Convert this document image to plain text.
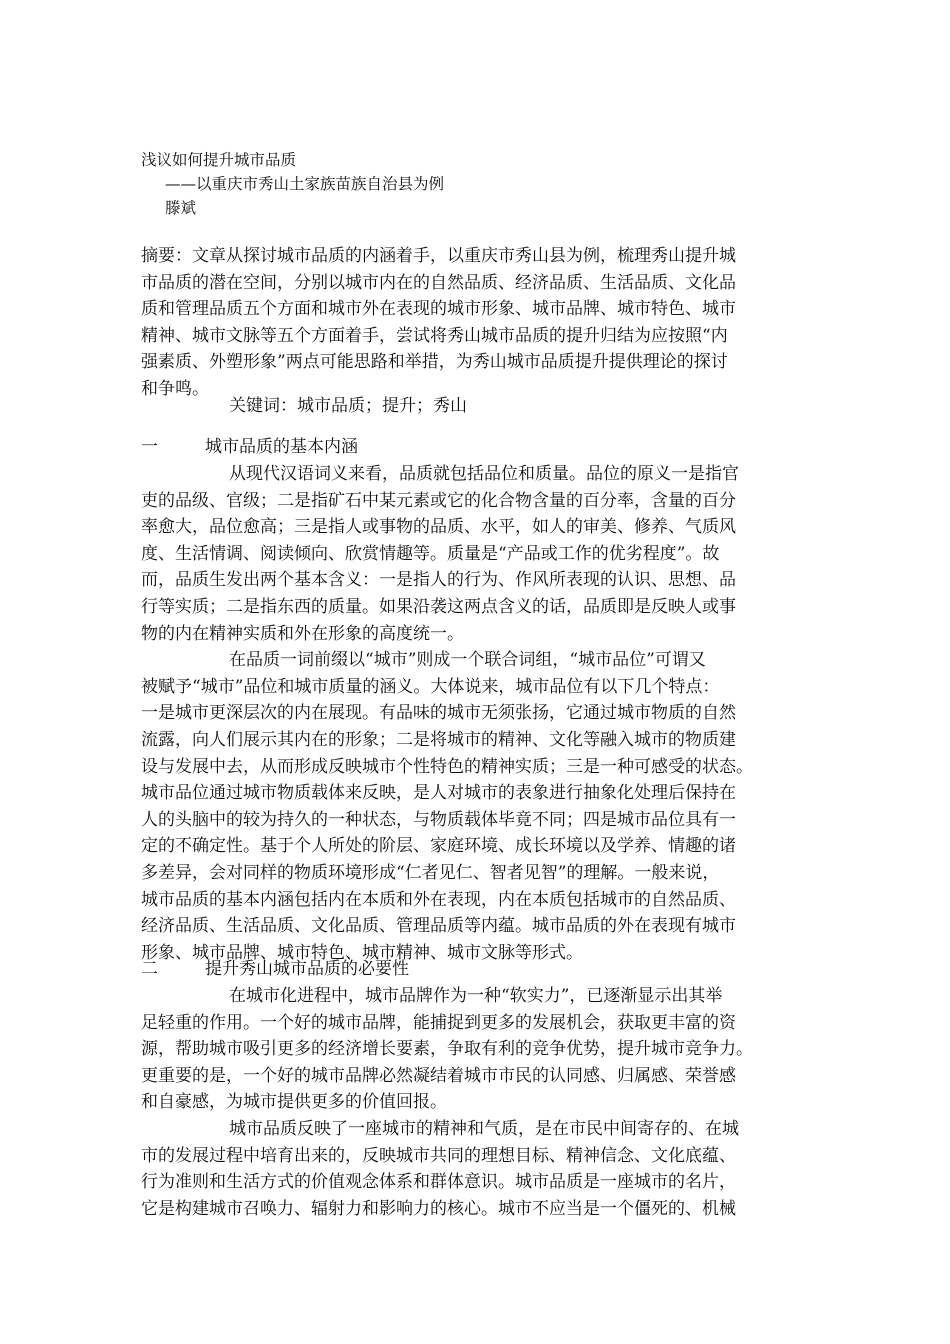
浅议如何提升城市品质
——以重庆市秀山土家族苗族自治县为例
滕斌
摘要：文章从探讨城市品质的内涵着手，以重庆市秀山县为例，梳理秀山提升城
市品质的潜在空间，分别以城市内在的自然品质、经济品质、生活品质、文化品
质和管理品质五个方面和城市外在表现的城市形象、城市品牌、城市特色、城市
精神、城市文脉等五个方面着手，尝试将秀山城市品质的提升归结为应按照“内
强素质、外塑形象”两点可能思路和举措，为秀山城市品质提升提供理论的探讨
和争鸣。
关键词：城市品质；提升；秀山
一	城市品质的基本内涵
从现代汉语词义来看，品质就包括品位和质量。品位的原义一是指官
吏的品级、官级；二是指矿石中某元素或它的化合物含量的百分率，含量的百分
率愈大，品位愈高；三是指人或事物的品质、水平，如人的审美、修养、气质风
度、生活情调、阅读倾向、欣赏情趣等。质量是“产品或工作的优劣程度”。故
而，品质生发出两个基本含义：一是指人的行为、作风所表现的认识、思想、品
行等实质；二是指东西的质量。如果沿袭这两点含义的话，品质即是反映人或事
物的内在精神实质和外在形象的高度统一。
在品质一词前缀以“城市”则成一个联合词组，“城市品位”可谓又
被赋予“城市”品位和城市质量的涵义。大体说来，城市品位有以下几个特点：
一是城市更深层次的内在展现。有品味的城市无须张扬，它通过城市物质的自然
流露，向人们展示其内在的形象；二是将城市的精神、文化等融入城市的物质建
设与发展中去，从而形成反映城市个性特色的精神实质；三是一种可感受的状态。
城市品位通过城市物质载体来反映，是人对城市的表象进行抽象化处理后保持在
人的头脑中的较为持久的一种状态，与物质载体毕竟不同；四是城市品位具有一
定的不确定性。基于个人所处的阶层、家庭环境、成长环境以及学养、情趣的诸
多差异，会对同样的物质环境形成“仁者见仁、智者见智”的理解。一般来说，
城市品质的基本内涵包括内在本质和外在表现，内在本质包括城市的自然品质、
经济品质、生活品质、文化品质、管理品质等内蕴。城市品质的外在表现有城市
形象、城市品牌、城市特色、城市精神、城市文脉等形式。
二	提升秀山城市品质的必要性
在城市化进程中，城市品牌作为一种“软实力”，已逐渐显示出其举
足轻重的作用。一个好的城市品牌，能捕捉到更多的发展机会，获取更丰富的资
源，帮助城市吸引更多的经济增长要素，争取有利的竞争优势，提升城市竞争力。
更重要的是，一个好的城市品牌必然凝结着城市市民的认同感、归属感、荣誉感
和自豪感，为城市提供更多的价值回报。
城市品质反映了一座城市的精神和气质，是在市民中间寄存的、在城
市的发展过程中培育出来的，反映城市共同的理想目标、精神信念、文化底蕴、
行为准则和生活方式的价值观念体系和群体意识。城市品质是一座城市的名片，
它是构建城市召唤力、辐射力和影响力的核心。城市不应当是一个僵死的、机械
